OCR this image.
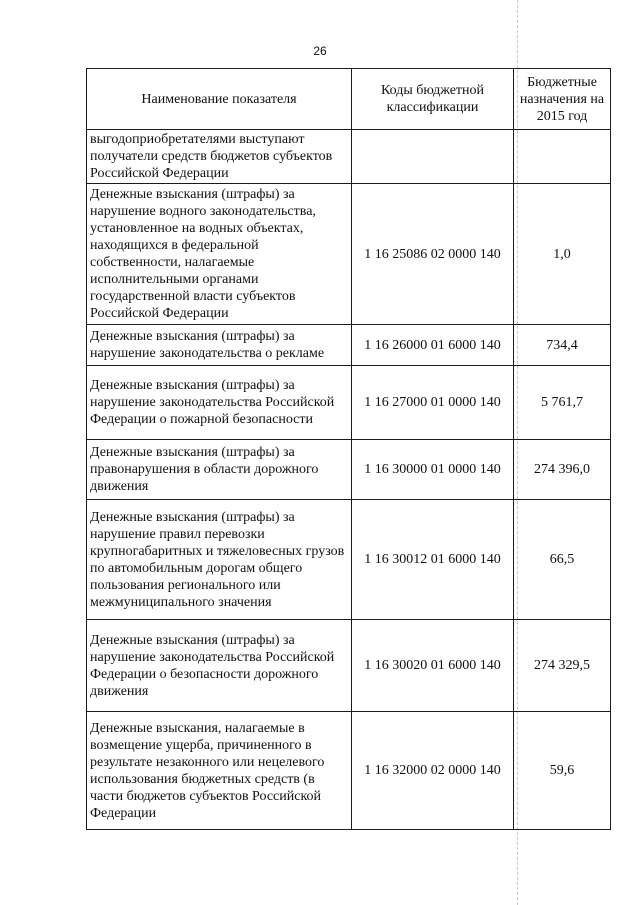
26
Наименование показателя	Коды бюджетной классификации	Бюджетные назначения на 2015 год
выгодоприобретателями выступают получатели средств бюджетов субъектов Российской Федерации		
Денежные взыскания (штрафы) за нарушение водного законодательства, установленное на водных объектах, находящихся в федеральной собственности, налагаемые исполнительными органами государственной власти субъектов Российской Федерации	1 16 25086 02 0000 140	1,0
Денежные взыскания (штрафы) за нарушение законодательства о рекламе	1 16 26000 01 6000 140	734,4
Денежные взыскания (штрафы) за нарушение законодательства Российской Федерации о пожарной безопасности	1 16 27000 01 0000 140	5 761,7
Денежные взыскания (штрафы) за правонарушения в области дорожного движения	1 16 30000 01 0000 140	274 396,0
Денежные взыскания (штрафы) за нарушение правил перевозки крупногабаритных и тяжеловесных грузов по автомобильным дорогам общего пользования регионального или межмуниципального значения	1 16 30012 01 6000 140	66,5
Денежные взыскания (штрафы) за нарушение законодательства Российской Федерации о безопасности дорожного движения	1 16 30020 01 6000 140	274 329,5
Денежные взыскания, налагаемые в возмещение ущерба, причиненного в результате незаконного или нецелевого использования бюджетных средств (в части бюджетов субъектов Российской Федерации	1 16 32000 02 0000 140	59,6
